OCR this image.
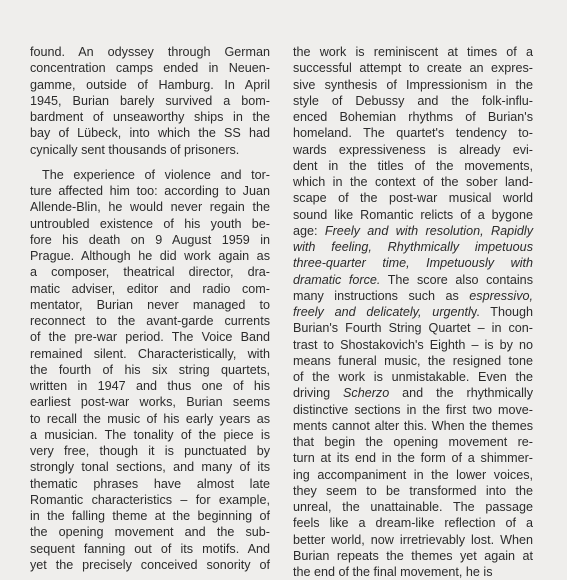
found. An odyssey through German
concentration camps ended in Neuen-
gamme, outside of Hamburg. In April
1945, Burian barely survived a bom-
bardment of unseaworthy ships in the
bay of Lübeck, into which the SS had
cynically sent thousands of prisoners.
The experience of violence and tor-
ture affected him too: according to Juan
Allende-Blin, he would never regain the
untroubled existence of his youth be-
fore his death on 9 August 1959 in
Prague. Although he did work again as
a composer, theatrical director, dra-
matic adviser, editor and radio com-
mentator, Burian never managed to
reconnect to the avant-garde currents
of the pre-war period. The Voice Band
remained silent. Characteristically, with
the fourth of his six string quartets,
written in 1947 and thus one of his
earliest post-war works, Burian seems
to recall the music of his early years as
a musician. The tonality of the piece is
very free, though it is punctuated by
strongly tonal sections, and many of its
thematic phrases have almost late
Romantic characteristics – for example,
in the falling theme at the beginning of
the opening movement and the sub-
sequent fanning out of its motifs. And
yet the precisely conceived sonority of
the work is reminiscent at times of a
successful attempt to create an expres-
sive synthesis of Impressionism in the
style of Debussy and the folk-influ-
enced Bohemian rhythms of Burian's
homeland. The quartet's tendency to-
wards expressiveness is already evi-
dent in the titles of the movements,
which in the context of the sober land-
scape of the post-war musical world
sound like Romantic relicts of a bygone
age: Freely and with resolution, Rapidly
with feeling, Rhythmically impetuous
three-quarter time, Impetuously with
dramatic force. The score also contains
many instructions such as espressivo,
freely and delicately, urgently. Though
Burian's Fourth String Quartet – in con-
trast to Shostakovich's Eighth – is by no
means funeral music, the resigned tone
of the work is unmistakable. Even the
driving Scherzo and the rhythmically
distinctive sections in the first two move-
ments cannot alter this. When the themes
that begin the opening movement re-
turn at its end in the form of a shimmer-
ing accompaniment in the lower voices,
they seem to be transformed into the
unreal, the unattainable. The passage
feels like a dream-like reflection of a
better world, now irretrievably lost. When
Burian repeats the themes yet again at
the end of the final movement, he is
